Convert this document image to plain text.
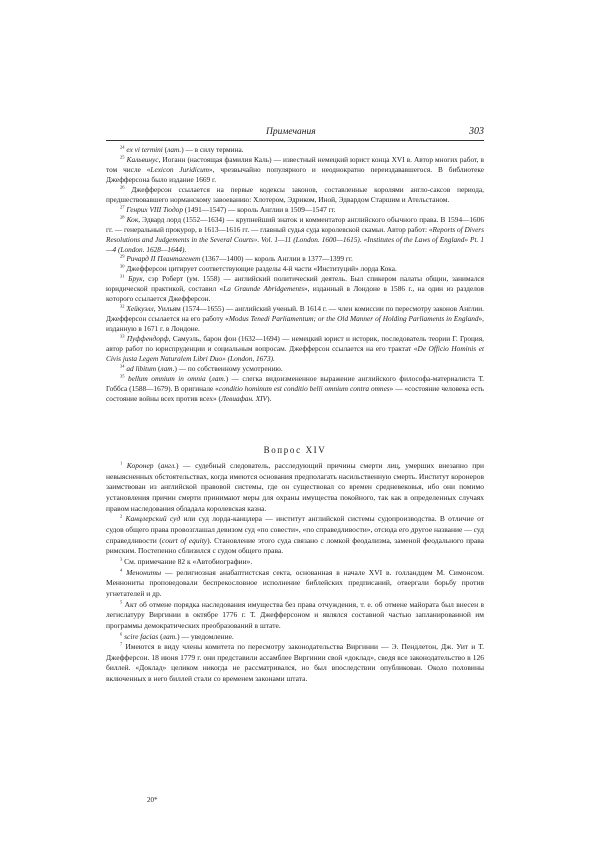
Примечания	303

$^{24}$ ex vi termini (лат.) — в силу термина.

$^{25}$ Кальвинус, Иоганн (настоящая фамилия Каль) — известный немецкий юрист конца XVI в. Автор многих работ, в том числе «Lexicon Juridicum», чрезвычайно популярного и неоднократно переиздававшегося. В библиотеке Джефферсона было издание 1669 г.

$^{26}$ Джефферсон ссылается на первые кодексы законов, составленные королями англо-саксов периода, предшествовавшего норманскому завоеванию: Хлотером, Эдриком, Иной, Эдвардом Старшим и Ательстаном.

$^{27}$ Генрих VIII Тюдор (1491—1547) — король Англии в 1509—1547 гг.

$^{28}$ Кок, Эдвард лорд (1552—1634) — крупнейший знаток и комментатор английского обычного права. В 1594—1606 гг. — генеральный прокурор, в 1613—1616 гг. — главный судья суда королевской скамьи. Автор работ: «Reports of Divers Resolutions and Judgements in the Several Courts». Vol. 1—11 (London. 1600—1615). «Institutes of the Laws of England» Pt. 1—4 (London. 1628—1644).

$^{29}$ Ричард II Плантагенет (1367—1400) — король Англии в 1377—1399 гг.

$^{30}$ Джефферсон цитирует соответствующие разделы 4-й части «Институций» лорда Кока.

$^{31}$ Брук, сэр Роберт (ум. 1558) — английский политический деятель. Был спикером палаты общин, занимался юридической практикой, составил «La Graunde Abridgements», изданный в Лондоне в 1586 г., на один из разделов которого ссылается Джефферсон.

$^{32}$ Хейкуэлл, Уильям (1574—1655) — английский ученый. В 1614 г. — член комиссии по пересмотру законов Англии. Джефферсон ссылается на его работу «Modus Tenedi Parliamentum; or the Old Manner of Holding Parliaments in England», изданную в 1671 г. в Лондоне.

$^{33}$ Пуффендорф, Самуэль, барон фон (1632—1694) — немецкий юрист и историк, последователь теории Г. Гроция, автор работ по юриспруденции и социальным вопросам. Джефферсон ссылается на его трактат «De Officio Hominis et Civis justa Legem Naturalem Libri Duo» (London, 1673).

$^{34}$ ad libitum (лат.) — по собственному усмотрению.

$^{35}$ bellum omnium in omnia (лат.) — слегка видоизмененное выражение английского философа-материалиста Т. Гоббса (1588—1679). В оригинале «conditio hominum est conditio belli omnium contra omnes» — «состояние человека есть состояние войны всех против всех» (Левиафан. XIV).

Вопрос XIV

$^1$ Коронер (англ.) — судебный следователь, расследующий причины смерти лиц, умерших внезапно при невыясненных обстоятельствах, когда имеются основания предполагать насильственную смерть. Институт коронеров заимствован из английской правовой системы, где он существовал со времен средневековья, ибо они помимо установления причин смерти принимают меры для охраны имущества покойного, так как в определенных случаях правом наследования обладала королевская казна.

$^2$ Канцлерский суд или суд лорда-канцлера — институт английской системы судопроизводства. В отличие от судов общего права провозглашал девизом суд «по совести», «по справедливости», отсюда его другое название — суд справедливости (court of equity). Становление этого суда связано с ломкой феодализма, заменой феодального права римским. Постепенно сблизился с судом общего права.

$^3$ См. примечание 82 к «Автобиографии».

$^4$ Менониты — религиозная анабаптистская секта, основанная в начале XVI в. голландцем М. Симонсом. Меннониты проповедовали беспрекословное исполнение библейских предписаний, отвергали борьбу против угнетателей и др.

$^5$ Акт об отмене порядка наследования имущества без права отчуждения, т. е. об отмене майората был внесен в легислатуру Виргинии в октябре 1776 г. Т. Джефферсоном и являлся составной частью запланированной им программы демократических преобразований в штате.

$^6$ scire facias (лат.) — уведомление.

$^7$ Имеются в виду члены комитета по пересмотру законодательства Виргинии — Э. Пендлетон, Дж. Уит и Т. Джефферсон. 18 июня 1779 г. они представили ассамблее Виргинии свой «доклад», сведя все законодательство в 126 биллей. «Доклад» целиком никогда не рассматривался, но был впоследствии опубликован. Около половины включенных в него биллей стали со временем законами штата.

20*
